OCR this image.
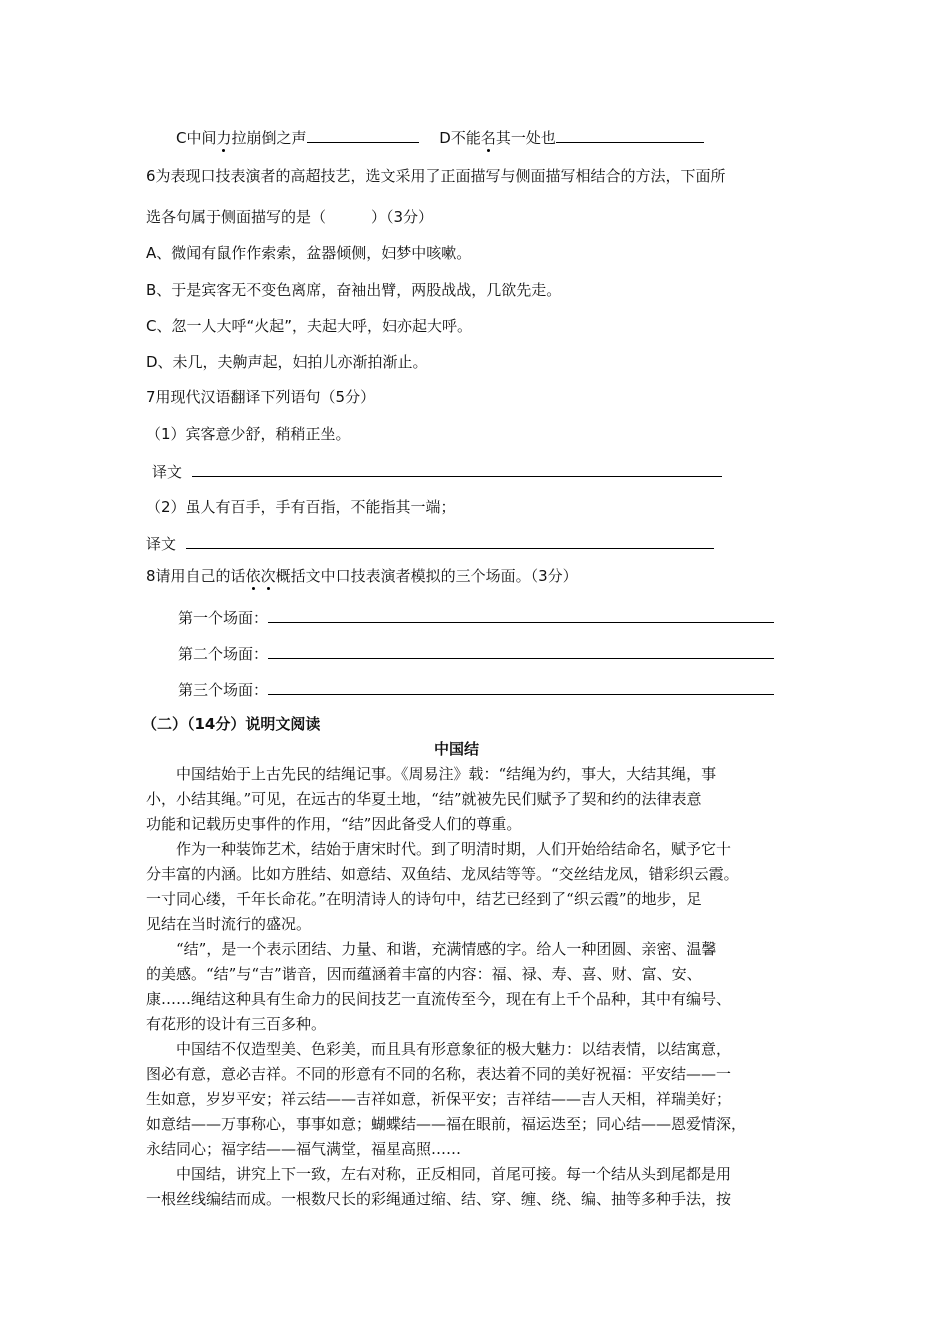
C中间力拉崩倒之声	D不能名其一处也
6为表现口技表演者的高超技艺，选文采用了正面描写与侧面描写相结合的方法，下面所
选各句属于侧面描写的是（　　　）（3分）
A、微闻有鼠作作索索，盆器倾侧，妇梦中咳嗽。
B、于是宾客无不变色离席，奋袖出臂，两股战战，几欲先走。
C、忽一人大呼“火起”，夫起大呼，妇亦起大呼。
D、未几，夫齁声起，妇拍儿亦渐拍渐止。
7用现代汉语翻译下列语句（5分）
（1）宾客意少舒，稍稍正坐。
译文
（2）虽人有百手，手有百指，不能指其一端；
译文
8请用自己的话依次概括文中口技表演者模拟的三个场面。（3分）
第一个场面：
第二个场面：
第三个场面：
（二）（14分）说明文阅读
中国结
　　中国结始于上古先民的结绳记事。《周易注》载：“结绳为约，事大，大结其绳，事
小，小结其绳。”可见，在远古的华夏土地，“结”就被先民们赋予了契和约的法律表意
功能和记载历史事件的作用，“结”因此备受人们的尊重。
　　作为一种装饰艺术，结始于唐宋时代。到了明清时期，人们开始给结命名，赋予它十
分丰富的内涵。比如方胜结、如意结、双鱼结、龙凤结等等。“交丝结龙凤，错彩织云霞。
一寸同心缕，千年长命花。”在明清诗人的诗句中，结艺已经到了“织云霞”的地步，足
见结在当时流行的盛况。
　　“结”，是一个表示团结、力量、和谐，充满情感的字。给人一种团圆、亲密、温馨
的美感。“结”与“吉”谐音，因而蕴涵着丰富的内容：福、禄、寿、喜、财、富、安、
康……绳结这种具有生命力的民间技艺一直流传至今，现在有上千个品种，其中有编号、
有花形的设计有三百多种。
　　中国结不仅造型美、色彩美，而且具有形意象征的极大魅力：以结表情，以结寓意，
图必有意，意必吉祥。不同的形意有不同的名称，表达着不同的美好祝福：平安结——一
生如意，岁岁平安；祥云结——吉祥如意，祈保平安；吉祥结——吉人天相，祥瑞美好；
如意结——万事称心，事事如意；蝴蝶结——福在眼前，福运迭至；同心结——恩爱情深，
永结同心；福字结——福气满堂，福星高照……
　　中国结，讲究上下一致，左右对称，正反相同，首尾可接。每一个结从头到尾都是用
一根丝线编结而成。一根数尺长的彩绳通过缩、结、穿、缠、绕、编、抽等多种手法，按
